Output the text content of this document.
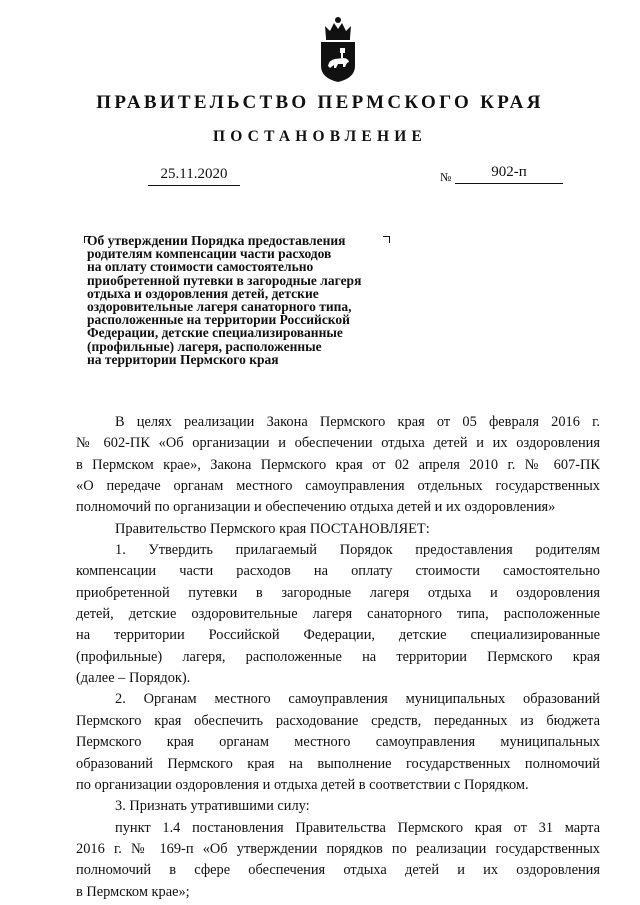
ПРАВИТЕЛЬСТВО ПЕРМСКОГО КРАЯ
ПОСТАНОВЛЕНИЕ
25.11.2020	№	902-п
Об утверждении Порядка предоставления
родителям компенсации части расходов
на оплату стоимости самостоятельно
приобретенной путевки в загородные лагеря
отдыха и оздоровления детей, детские
оздоровительные лагеря санаторного типа,
расположенные на территории Российской
Федерации, детские специализированные
(профильные) лагеря, расположенные
на территории Пермского края
В целях реализации Закона Пермского края от 05 февраля 2016 г.
№ 602-ПК «Об организации и обеспечении отдыха детей и их оздоровления
в Пермском крае», Закона Пермского края от 02 апреля 2010 г. № 607-ПК
«О передаче органам местного самоуправления отдельных государственных
полномочий по организации и обеспечению отдыха детей и их оздоровления»
Правительство Пермского края ПОСТАНОВЛЯЕТ:
1. Утвердить прилагаемый Порядок предоставления родителям
компенсации части расходов на оплату стоимости самостоятельно
приобретенной путевки в загородные лагеря отдыха и оздоровления
детей, детские оздоровительные лагеря санаторного типа, расположенные
на территории Российской Федерации, детские специализированные
(профильные) лагеря, расположенные на территории Пермского края
(далее – Порядок).
2. Органам местного самоуправления муниципальных образований
Пермского края обеспечить расходование средств, переданных из бюджета
Пермского края органам местного самоуправления муниципальных
образований Пермского края на выполнение государственных полномочий
по организации оздоровления и отдыха детей в соответствии с Порядком.
3. Признать утратившими силу:
пункт 1.4 постановления Правительства Пермского края от 31 марта
2016 г. № 169-п «Об утверждении порядков по реализации государственных
полномочий в сфере обеспечения отдыха детей и их оздоровления
в Пермском крае»;
